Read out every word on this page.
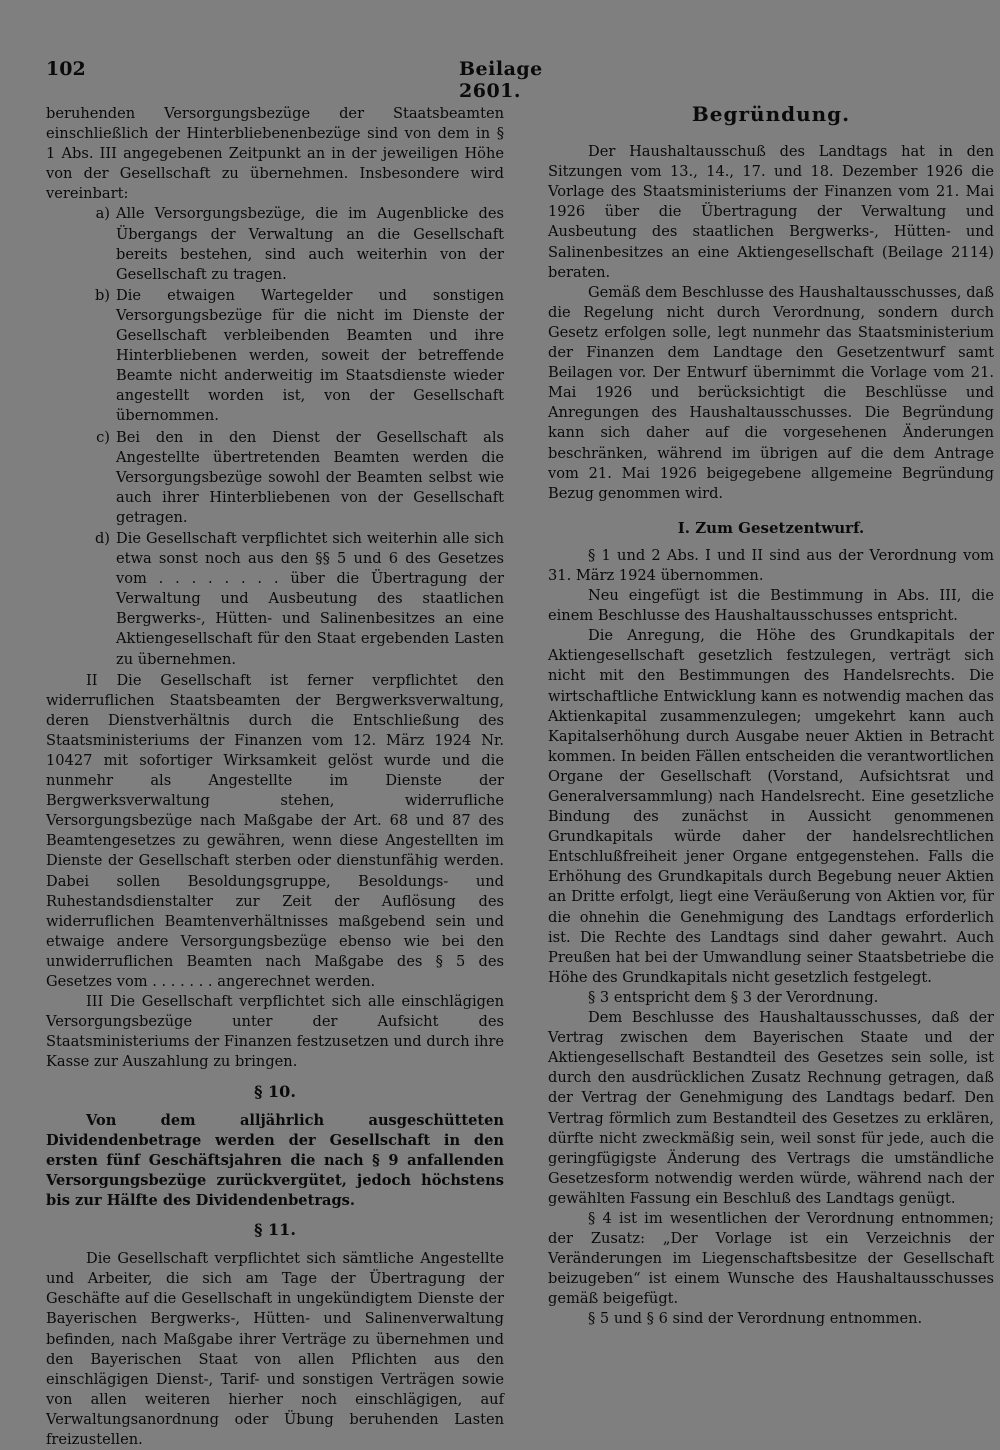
102	Beilage 2601.

beruhenden Versorgungsbezüge der Staatsbeamten einschließlich der Hinterbliebenenbezüge sind von dem in § 1 Abs. III angegebenen Zeitpunkt an in der jeweiligen Höhe von der Gesellschaft zu übernehmen. Insbesondere wird vereinbart:

a) Alle Versorgungsbezüge, die im Augenblicke des Übergangs der Verwaltung an die Gesellschaft bereits bestehen, sind auch weiterhin von der Gesellschaft zu tragen.
b) Die etwaigen Wartegelder und sonstigen Versorgungsbezüge für die nicht im Dienste der Gesellschaft verbleibenden Beamten und ihre Hinterbliebenen werden, soweit der betreffende Beamte nicht anderweitig im Staatsdienste wieder angestellt worden ist, von der Gesellschaft übernommen.
c) Bei den in den Dienst der Gesellschaft als Angestellte übertretenden Beamten werden die Versorgungsbezüge sowohl der Beamten selbst wie auch ihrer Hinterbliebenen von der Gesellschaft getragen.
d) Die Gesellschaft verpflichtet sich weiterhin alle sich etwa sonst noch aus den §§ 5 und 6 des Gesetzes vom . . . . . . . . über die Übertragung der Verwaltung und Ausbeutung des staatlichen Bergwerks-, Hütten- und Salinenbesitzes an eine Aktiengesellschaft für den Staat ergebenden Lasten zu übernehmen.

II Die Gesellschaft ist ferner verpflichtet den widerruflichen Staatsbeamten der Bergwerksverwaltung, deren Dienstverhältnis durch die Entschließung des Staatsministeriums der Finanzen vom 12. März 1924 Nr. 10427 mit sofortiger Wirksamkeit gelöst wurde und die nunmehr als Angestellte im Dienste der Bergwerksverwaltung stehen, widerrufliche Versorgungsbezüge nach Maßgabe der Art. 68 und 87 des Beamtengesetzes zu gewähren, wenn diese Angestellten im Dienste der Gesellschaft sterben oder dienstunfähig werden. Dabei sollen Besoldungsgruppe, Besoldungs- und Ruhestandsdienstalter zur Zeit der Auflösung des widerruflichen Beamtenverhältnisses maßgebend sein und etwaige andere Versorgungsbezüge ebenso wie bei den unwiderruflichen Beamten nach Maßgabe des § 5 des Gesetzes vom . . . . . . . angerechnet werden.

III Die Gesellschaft verpflichtet sich alle einschlägigen Versorgungsbezüge unter der Aufsicht des Staatsministeriums der Finanzen festzusetzen und durch ihre Kasse zur Auszahlung zu bringen.

§ 10.

Von dem alljährlich ausgeschütteten Dividendenbetrage werden der Gesellschaft in den ersten fünf Geschäftsjahren die nach § 9 anfallenden Versorgungsbezüge zurückvergütet, jedoch höchstens bis zur Hälfte des Dividendenbetrags.

§ 11.

Die Gesellschaft verpflichtet sich sämtliche Angestellte und Arbeiter, die sich am Tage der Übertragung der Geschäfte auf die Gesellschaft in ungekündigtem Dienste der Bayerischen Bergwerks-, Hütten- und Salinenverwaltung befinden, nach Maßgabe ihrer Verträge zu übernehmen und den Bayerischen Staat von allen Pflichten aus den einschlägigen Dienst-, Tarif- und sonstigen Verträgen sowie von allen weiteren hierher noch einschlägigen, auf Verwaltungsanordnung oder Übung beruhenden Lasten freizustellen.

Begründung.

Der Haushaltausschuß des Landtags hat in den Sitzungen vom 13., 14., 17. und 18. Dezember 1926 die Vorlage des Staatsministeriums der Finanzen vom 21. Mai 1926 über die Übertragung der Verwaltung und Ausbeutung des staatlichen Bergwerks-, Hütten- und Salinenbesitzes an eine Aktiengesellschaft (Beilage 2114) beraten.

Gemäß dem Beschlusse des Haushaltausschusses, daß die Regelung nicht durch Verordnung, sondern durch Gesetz erfolgen solle, legt nunmehr das Staatsministerium der Finanzen dem Landtage den Gesetzentwurf samt Beilagen vor. Der Entwurf übernimmt die Vorlage vom 21. Mai 1926 und berücksichtigt die Beschlüsse und Anregungen des Haushaltausschusses. Die Begründung kann sich daher auf die vorgesehenen Änderungen beschränken, während im übrigen auf die dem Antrage vom 21. Mai 1926 beigegebene allgemeine Begründung Bezug genommen wird.

I. Zum Gesetzentwurf.

§ 1 und 2 Abs. I und II sind aus der Verordnung vom 31. März 1924 übernommen.

Neu eingefügt ist die Bestimmung in Abs. III, die einem Beschlusse des Haushaltausschusses entspricht.

Die Anregung, die Höhe des Grundkapitals der Aktiengesellschaft gesetzlich festzulegen, verträgt sich nicht mit den Bestimmungen des Handelsrechts. Die wirtschaftliche Entwicklung kann es notwendig machen das Aktienkapital zusammenzulegen; umgekehrt kann auch Kapitalserhöhung durch Ausgabe neuer Aktien in Betracht kommen. In beiden Fällen entscheiden die verantwortlichen Organe der Gesellschaft (Vorstand, Aufsichtsrat und Generalversammlung) nach Handelsrecht. Eine gesetzliche Bindung des zunächst in Aussicht genommenen Grundkapitals würde daher der handelsrechtlichen Entschlußfreiheit jener Organe entgegenstehen. Falls die Erhöhung des Grundkapitals durch Begebung neuer Aktien an Dritte erfolgt, liegt eine Veräußerung von Aktien vor, für die ohnehin die Genehmigung des Landtags erforderlich ist. Die Rechte des Landtags sind daher gewahrt. Auch Preußen hat bei der Umwandlung seiner Staatsbetriebe die Höhe des Grundkapitals nicht gesetzlich festgelegt.

§ 3 entspricht dem § 3 der Verordnung.

Dem Beschlusse des Haushaltausschusses, daß der Vertrag zwischen dem Bayerischen Staate und der Aktiengesellschaft Bestandteil des Gesetzes sein solle, ist durch den ausdrücklichen Zusatz Rechnung getragen, daß der Vertrag der Genehmigung des Landtags bedarf. Den Vertrag förmlich zum Bestandteil des Gesetzes zu erklären, dürfte nicht zweckmäßig sein, weil sonst für jede, auch die geringfügigste Änderung des Vertrags die umständliche Gesetzesform notwendig werden würde, während nach der gewählten Fassung ein Beschluß des Landtags genügt.

§ 4 ist im wesentlichen der Verordnung entnommen; der Zusatz: „Der Vorlage ist ein Verzeichnis der Veränderungen im Liegenschaftsbesitze der Gesellschaft beizugeben“ ist einem Wunsche des Haushaltausschusses gemäß beigefügt.

§ 5 und § 6 sind der Verordnung entnommen.
